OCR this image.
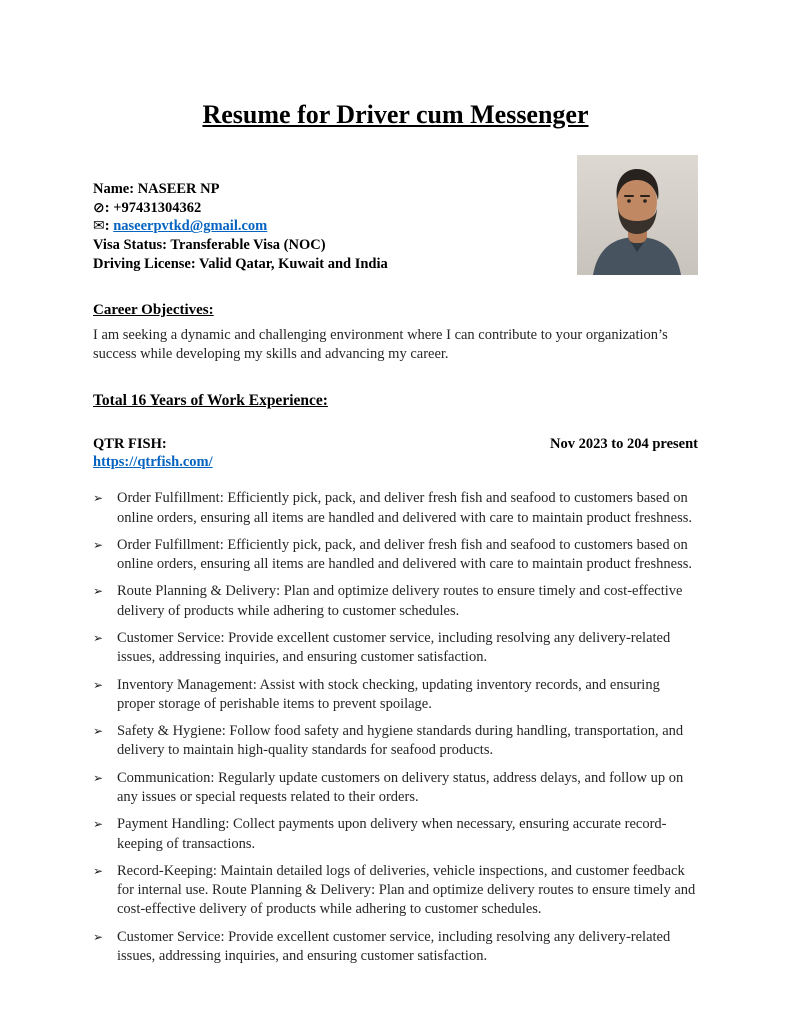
Resume for Driver cum Messenger

Name: NASEER NP

⊘: +97431304362

✉: naseerpvtkd@gmail.com

Visa Status: Transferable Visa (NOC)

Driving License: Valid Qatar, Kuwait and India

Career Objectives:

I am seeking a dynamic and challenging environment where I can contribute to your organization’s success while developing my skills and advancing my career.

Total 16 Years of Work Experience:
QTR FISH:	Nov 2023 to 204 present
https://qtrfish.com/
➢ Order Fulfillment: Efficiently pick, pack, and deliver fresh fish and seafood to customers based on online orders, ensuring all items are handled and delivered with care to maintain product freshness.
➢ Order Fulfillment: Efficiently pick, pack, and deliver fresh fish and seafood to customers based on online orders, ensuring all items are handled and delivered with care to maintain product freshness.
➢ Route Planning & Delivery: Plan and optimize delivery routes to ensure timely and cost-effective delivery of products while adhering to customer schedules.
➢ Customer Service: Provide excellent customer service, including resolving any delivery-related issues, addressing inquiries, and ensuring customer satisfaction.
➢ Inventory Management: Assist with stock checking, updating inventory records, and ensuring proper storage of perishable items to prevent spoilage.
➢ Safety & Hygiene: Follow food safety and hygiene standards during handling, transportation, and delivery to maintain high-quality standards for seafood products.
➢ Communication: Regularly update customers on delivery status, address delays, and follow up on any issues or special requests related to their orders.
➢ Payment Handling: Collect payments upon delivery when necessary, ensuring accurate record-keeping of transactions.
➢ Record-Keeping: Maintain detailed logs of deliveries, vehicle inspections, and customer feedback for internal use. Route Planning & Delivery: Plan and optimize delivery routes to ensure timely and cost-effective delivery of products while adhering to customer schedules.
➢ Customer Service: Provide excellent customer service, including resolving any delivery-related issues, addressing inquiries, and ensuring customer satisfaction.
